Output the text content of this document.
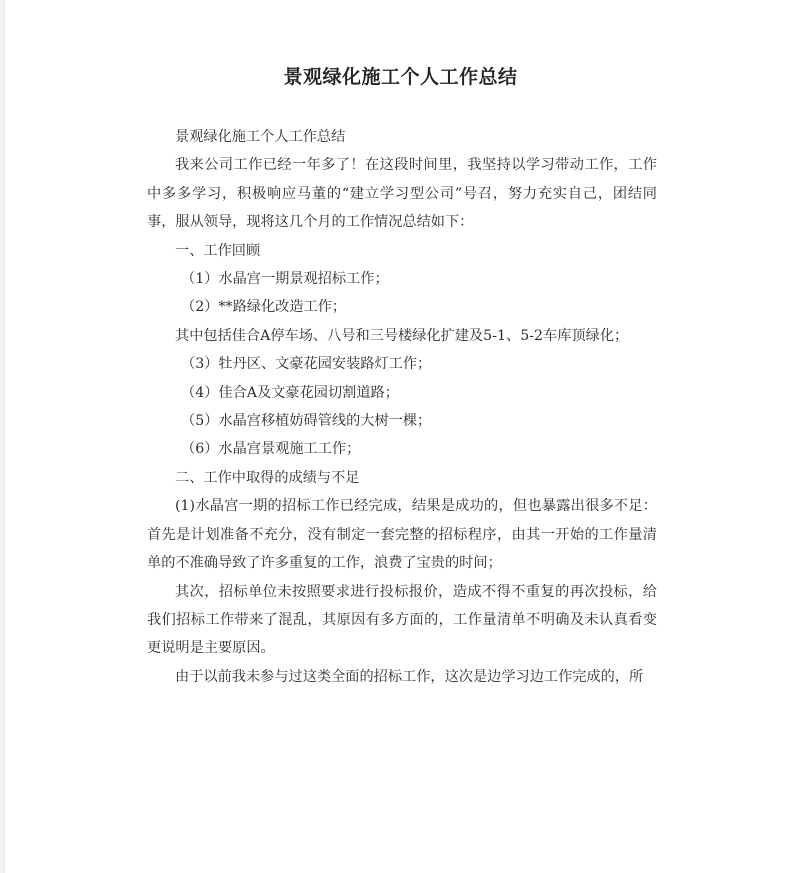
景观绿化施工个人工作总结

景观绿化施工个人工作总结

我来公司工作已经一年多了！在这段时间里，我坚持以学习带动工作，工作中多多学习，积极响应马董的“建立学习型公司”号召，努力充实自己，团结同事，服从领导，现将这几个月的工作情况总结如下：

一、工作回顾

（1）水晶宫一期景观招标工作；

（2）**路绿化改造工作；

其中包括佳合A停车场、八号和三号楼绿化扩建及5-1、5-2车库顶绿化；

（3）牡丹区、文豪花园安装路灯工作；

（4）佳合A及文豪花园切割道路；

（5）水晶宫移植妨碍管线的大树一棵；

（6）水晶宫景观施工工作；

二、工作中取得的成绩与不足

(1)水晶宫一期的招标工作已经完成，结果是成功的，但也暴露出很多不足：首先是计划准备不充分，没有制定一套完整的招标程序，由其一开始的工作量清单的不准确导致了许多重复的工作，浪费了宝贵的时间；

其次，招标单位未按照要求进行投标报价，造成不得不重复的再次投标，给我们招标工作带来了混乱，其原因有多方面的，工作量清单不明确及未认真看变更说明是主要原因。

由于以前我未参与过这类全面的招标工作，这次是边学习边工作完成的，所
